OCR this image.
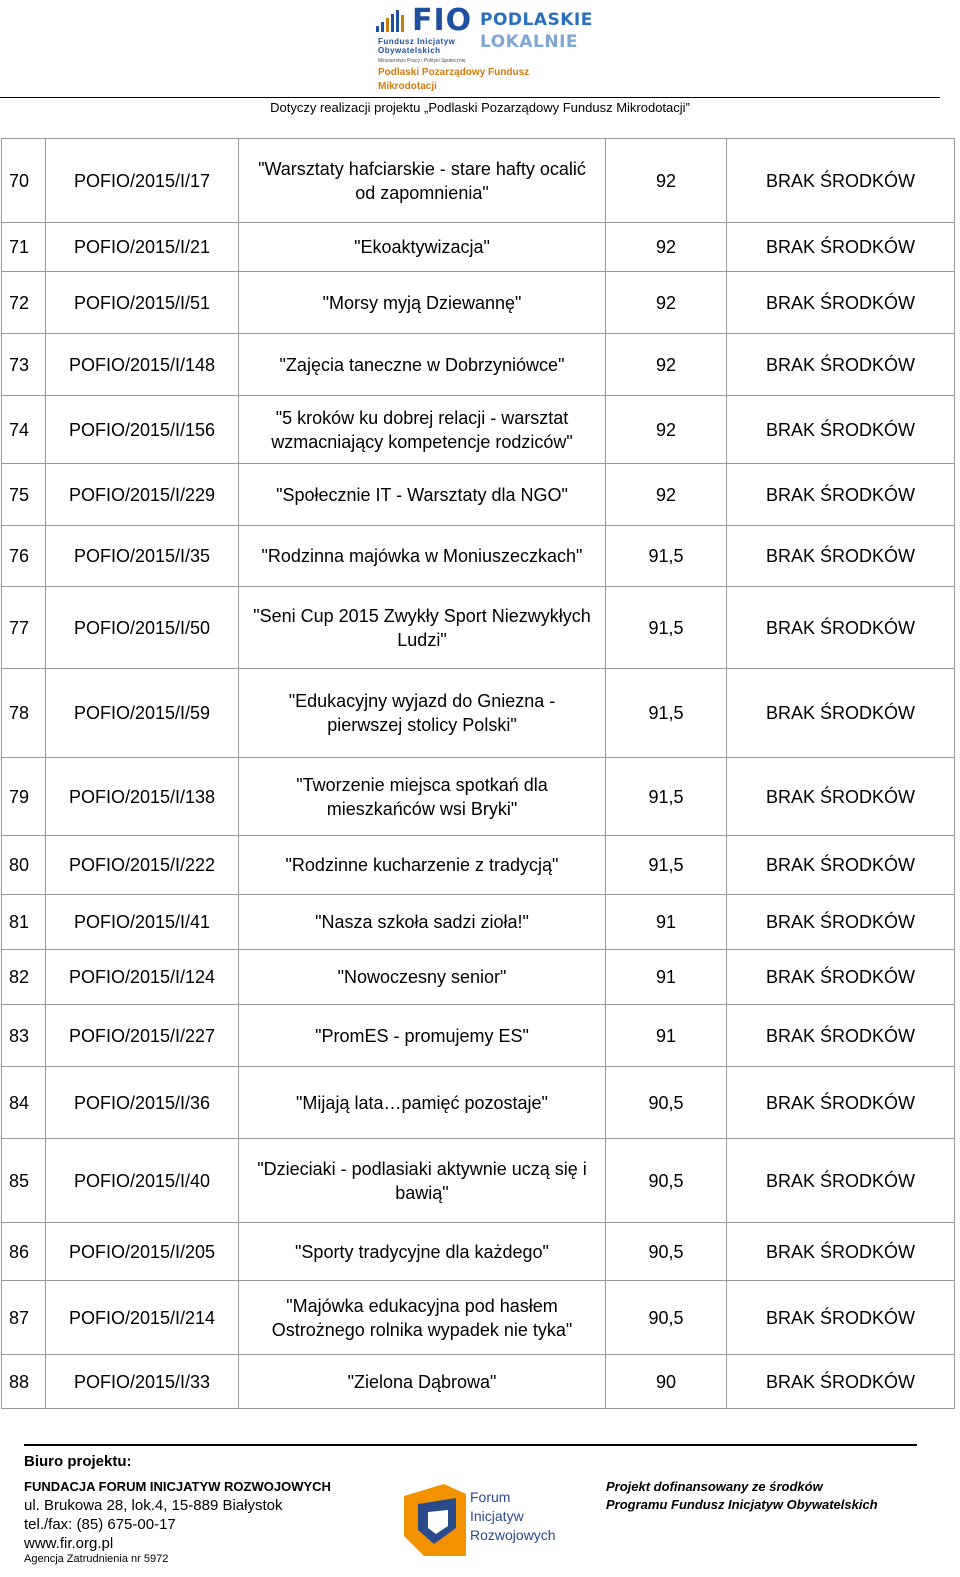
FIO PODLASKIE
LOKALNIE
Fundusz Inicjatyw Obywatelskich
Ministerstwo Pracy i Polityki Społecznej
Podlaski Pozarządowy Fundusz Mikrodotacji
Dotyczy realizacji projektu „Podlaski Pozarządowy Fundusz Mikrodotacji”
70	POFIO/2015/I/17	"Warsztaty hafciarskie - stare hafty ocalić od zapomnienia"	92	BRAK ŚRODKÓW
71	POFIO/2015/I/21	"Ekoaktywizacja"	92	BRAK ŚRODKÓW
72	POFIO/2015/I/51	"Morsy myją Dziewannę"	92	BRAK ŚRODKÓW
73	POFIO/2015/I/148	"Zajęcia taneczne w Dobrzyniówce"	92	BRAK ŚRODKÓW
74	POFIO/2015/I/156	"5 kroków ku dobrej relacji - warsztat wzmacniający kompetencje rodziców"	92	BRAK ŚRODKÓW
75	POFIO/2015/I/229	"Społecznie IT - Warsztaty dla NGO"	92	BRAK ŚRODKÓW
76	POFIO/2015/I/35	"Rodzinna majówka w Moniuszeczkach"	91,5	BRAK ŚRODKÓW
77	POFIO/2015/I/50	"Seni Cup 2015 Zwykły Sport Niezwykłych Ludzi"	91,5	BRAK ŚRODKÓW
78	POFIO/2015/I/59	"Edukacyjny wyjazd do Gniezna - pierwszej stolicy Polski"	91,5	BRAK ŚRODKÓW
79	POFIO/2015/I/138	"Tworzenie miejsca spotkań dla mieszkańców wsi Bryki"	91,5	BRAK ŚRODKÓW
80	POFIO/2015/I/222	"Rodzinne kucharzenie z tradycją"	91,5	BRAK ŚRODKÓW
81	POFIO/2015/I/41	"Nasza szkoła sadzi zioła!"	91	BRAK ŚRODKÓW
82	POFIO/2015/I/124	"Nowoczesny senior"	91	BRAK ŚRODKÓW
83	POFIO/2015/I/227	"PromES - promujemy ES"	91	BRAK ŚRODKÓW
84	POFIO/2015/I/36	"Mijają lata…pamięć pozostaje"	90,5	BRAK ŚRODKÓW
85	POFIO/2015/I/40	"Dzieciaki - podlasiaki aktywnie uczą się i bawią"	90,5	BRAK ŚRODKÓW
86	POFIO/2015/I/205	"Sporty tradycyjne dla każdego"	90,5	BRAK ŚRODKÓW
87	POFIO/2015/I/214	"Majówka edukacyjna pod hasłem Ostrożnego rolnika wypadek nie tyka"	90,5	BRAK ŚRODKÓW
88	POFIO/2015/I/33	"Zielona Dąbrowa"	90	BRAK ŚRODKÓW
Biuro projektu:
FUNDACJA FORUM INICJATYW ROZWOJOWYCH
ul. Brukowa 28, lok.4, 15-889 Białystok
tel./fax: (85) 675-00-17
www.fir.org.pl
Agencja Zatrudnienia nr 5972
Forum
Inicjatyw
Rozwojowych
Projekt dofinansowany ze środków
Programu Fundusz Inicjatyw Obywatelskich
